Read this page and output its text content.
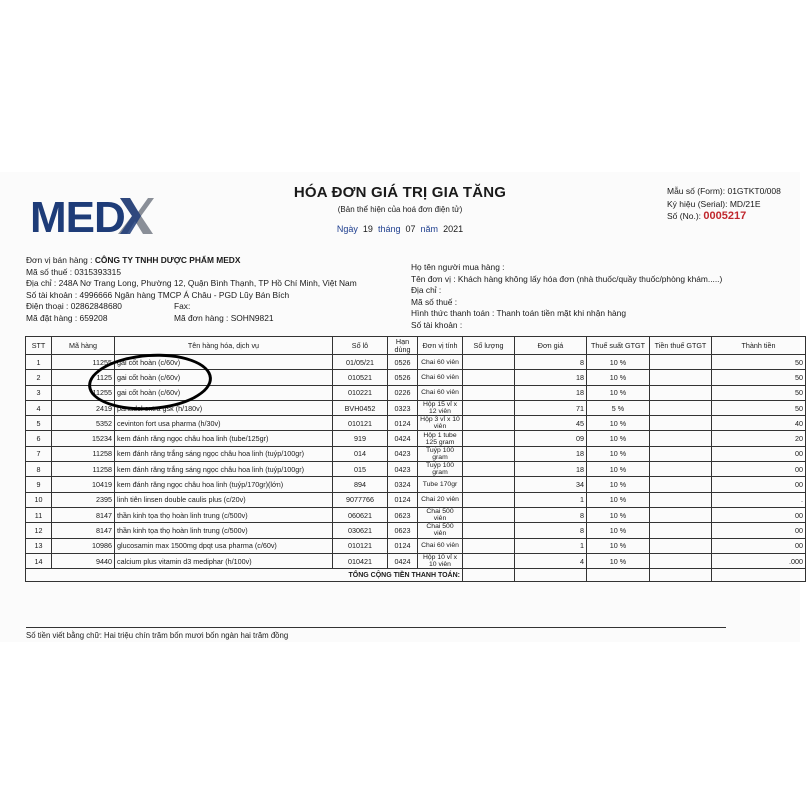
MED
HÓA ĐƠN GIÁ TRỊ GIA TĂNG
(Bản thể hiện của hoá đơn điện tử)
Ngày 19 tháng 07 năm 2021
Mẫu số (Form): 01GTKT0/008
Ký hiệu (Serial): MD/21E
Số (No.): 0005217
Đơn vị bán hàng : CÔNG TY TNHH DƯỢC PHẨM MEDX
Mã số thuế : 0315393315
Địa chỉ : 248A Nơ Trang Long, Phường 12, Quận Bình Thạnh, TP Hồ Chí Minh, Việt Nam
Số tài khoản : 4996666 Ngân hàng TMCP Á Châu - PGD Lũy Bán Bích
Điện thoại : 02862848680	Fax:
Mã đặt hàng : 659208	Mã đơn hàng : SOHN9821
Họ tên người mua hàng :
Tên đơn vị : Khách hàng không lấy hóa đơn (nhà thuốc/quầy thuốc/phòng khám.....)
Địa chỉ :
Mã số thuế :
Hình thức thanh toán : Thanh toán tiền mặt khi nhận hàng
Số tài khoản :
STT	Mã hàng	Tên hàng hóa, dịch vụ	Số lô	Hạn dùng	Đơn vị tính	Số lượng	Đơn giá	Thuế suất GTGT	Tiền thuế GTGT	Thành tiền
1	11255	gai cốt hoàn (c/60v)	01/05/21	0526	Chai 60 viên		8	10 %		50
2	1125	gai cốt hoàn (c/60v)	010521	0526	Chai 60 viên		18	10 %		50
3	11255	gai cốt hoàn (c/60v)	010221	0226	Chai 60 viên		18	10 %		50
4	2419	panadol extra gsk (h/180v)	BVH0452	0323	Hộp 15 vỉ x 12 viên		71	5 %		50
5	5352	cevinton fort usa pharma (h/30v)	010121	0124	Hộp 3 vỉ x 10 viên		45	10 %		40
6	15234	kem đánh răng ngọc châu hoa linh (tube/125gr)	919	0424	Hộp 1 tube 125 gram		09	10 %		20
7	11258	kem đánh răng trắng sáng ngọc châu hoa linh (tuýp/100gr)	014	0423	Tuýp 100 gram		18	10 %		00
8	11258	kem đánh răng trắng sáng ngọc châu hoa linh (tuýp/100gr)	015	0423	Tuýp 100 gram		18	10 %		00
9	10419	kem đánh răng ngọc châu hoa linh (tuýp/170gr)(lớn)	894	0324	Tube 170gr		34	10 %		00
10	2395	linh tiên linsen double caulis plus (c/20v)	9077766	0124	Chai 20 viên		1	10 %		.
11	8147	thần kinh tọa thọ hoàn linh trung (c/500v)	060621	0623	Chai 500 viên		8	10 %		00
12	8147	thần kinh tọa thọ hoàn linh trung (c/500v)	030621	0623	Chai 500 viên		8	10 %		00
13	10986	glucosamin max 1500mg dpqt usa pharma (c/60v)	010121	0124	Chai 60 viên		1	10 %		00
14	9440	calcium plus vitamin d3 mediphar (h/100v)	010421	0424	Hộp 10 vỉ x 10 viên		4	10 %		.000
TỔNG CỘNG TIỀN THANH TOÁN:										
Số tiền viết bằng chữ: Hai triệu chín trăm bốn mươi bốn ngàn hai trăm đồng
